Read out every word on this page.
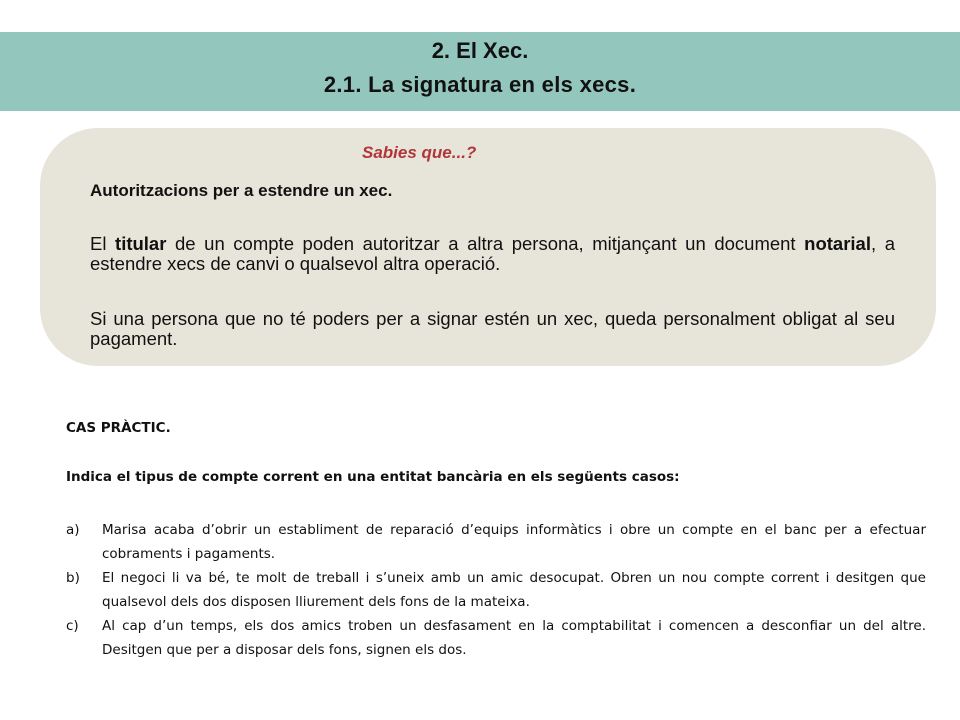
2. El Xec.
2.1. La signatura en els xecs.
Sabies que...?
Autoritzacions per a estendre un xec.
El titular de un compte poden autoritzar a altra persona, mitjançant un document notarial, a estendre xecs de canvi o qualsevol altra operació.
Si una persona que no té poders per a signar estén un xec, queda personalment obligat al seu pagament.
CAS PRÀCTIC.
Indica el tipus de compte corrent en una entitat bancària en els següents casos:
a) Marisa acaba d’obrir un establiment de reparació d’equips informàtics i obre un compte en el banc per a efectuar cobraments i pagaments.
b) El negoci li va bé, te molt de treball i s’uneix amb un amic desocupat. Obren un nou compte corrent i desitgen que qualsevol dels dos disposen lliurement dels fons de la mateixa.
c) Al cap d’un temps, els dos amics troben un desfasament en la comptabilitat i comencen a desconfiar un del altre. Desitgen que per a disposar dels fons, signen els dos.
